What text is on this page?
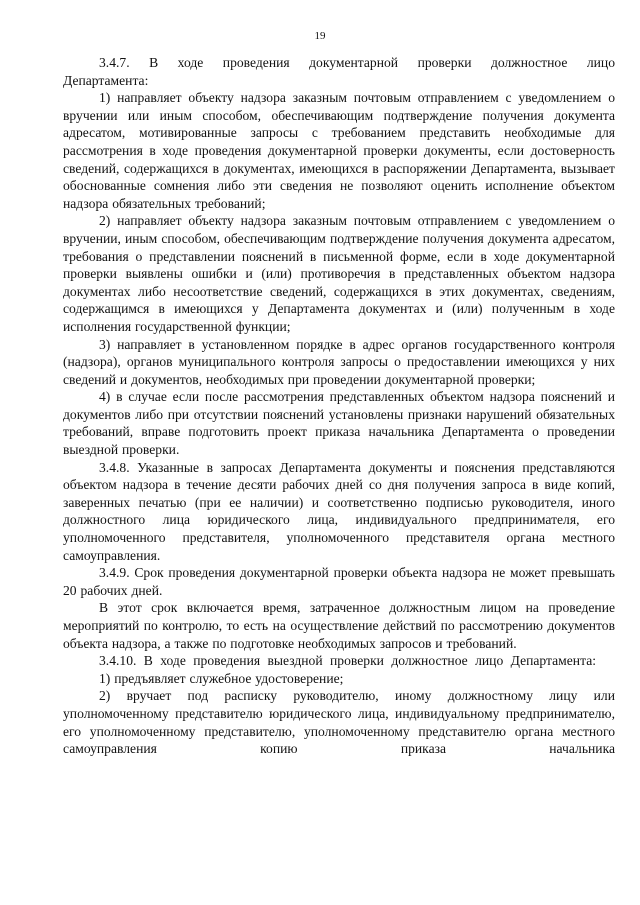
19

3.4.7. В ходе проведения документарной проверки должностное лицо Департамента:

1) направляет объекту надзора заказным почтовым отправлением с уведомлением о вручении или иным способом, обеспечивающим подтверждение получения документа адресатом, мотивированные запросы с требованием представить необходимые для рассмотрения в ходе проведения документарной проверки документы, если достоверность сведений, содержащихся в документах, имеющихся в распоряжении Департамента, вызывает обоснованные сомнения либо эти сведения не позволяют оценить исполнение объектом надзора обязательных требований;

2) направляет объекту надзора заказным почтовым отправлением с уведомлением о вручении, иным способом, обеспечивающим подтверждение получения документа адресатом, требования о представлении пояснений в письменной форме, если в ходе документарной проверки выявлены ошибки и (или) противоречия в представленных объектом надзора документах либо несоответствие сведений, содержащихся в этих документах, сведениям, содержащимся в имеющихся у Департамента документах и (или) полученным в ходе исполнения государственной функции;

3) направляет в установленном порядке в адрес органов государственного контроля (надзора), органов муниципального контроля запросы о предоставлении имеющихся у них сведений и документов, необходимых при проведении документарной проверки;

4) в случае если после рассмотрения представленных объектом надзора пояснений и документов либо при отсутствии пояснений установлены признаки нарушений обязательных требований, вправе подготовить проект приказа начальника Департамента о проведении выездной проверки.

3.4.8. Указанные в запросах Департамента документы и пояснения представляются объектом надзора в течение десяти рабочих дней со дня получения запроса в виде копий, заверенных печатью (при ее наличии) и соответственно подписью руководителя, иного должностного лица юридического лица, индивидуального предпринимателя, его уполномоченного представителя, уполномоченного представителя органа местного самоуправления.

3.4.9. Срок проведения документарной проверки объекта надзора не может превышать 20 рабочих дней.

В этот срок включается время, затраченное должностным лицом на проведение мероприятий по контролю, то есть на осуществление действий по рассмотрению документов объекта надзора, а также по подготовке необходимых запросов и требований.

3.4.10. В ходе проведения выездной проверки должностное лицо Департамента:

1) предъявляет служебное удостоверение;

2) вручает под расписку руководителю, иному должностному лицу или уполномоченному представителю юридического лица, индивидуальному предпринимателю, его уполномоченному представителю, уполномоченному представителю органа местного самоуправления копию приказа начальника
